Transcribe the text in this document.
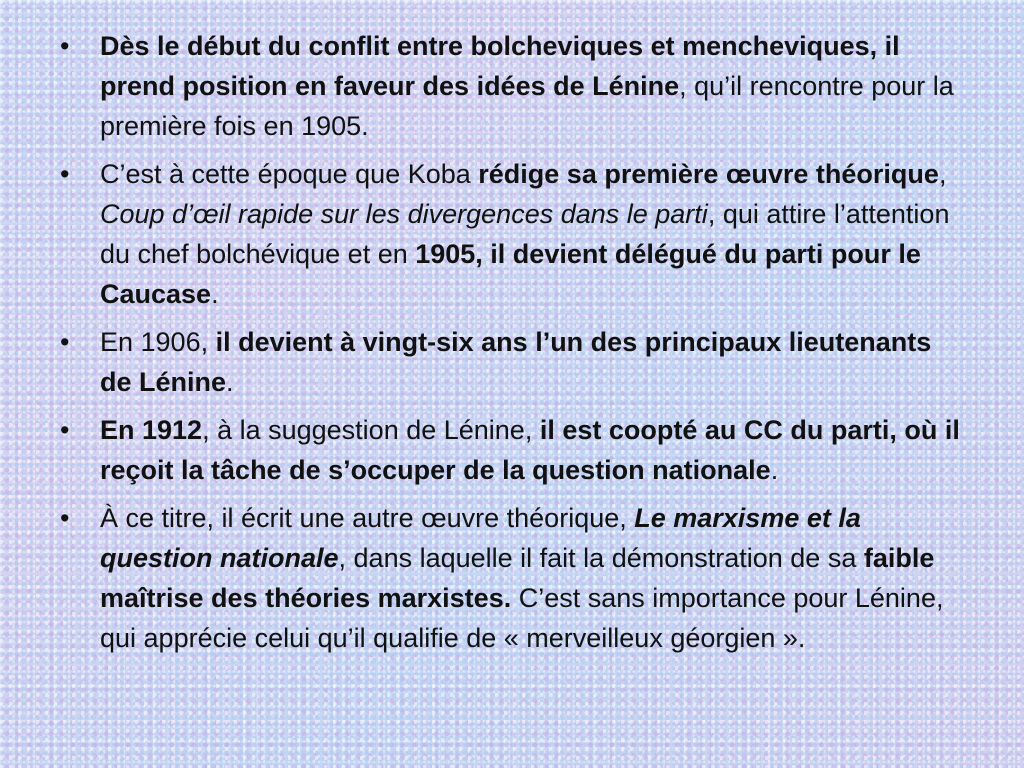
• Dès le début du conflit entre bolcheviques et mencheviques, il prend position en faveur des idées de Lénine, qu’il rencontre pour la première fois en 1905.
• C’est à cette époque que Koba rédige sa première œuvre théorique, Coup d’œil rapide sur les divergences dans le parti, qui attire l’attention du chef bolchévique et en 1905, il devient délégué du parti pour le Caucase.
• En 1906, il devient à vingt-six ans l’un des principaux lieutenants de Lénine.
• En 1912, à la suggestion de Lénine, il est coopté au CC du parti, où il reçoit la tâche de s’occuper de la question nationale.
• À ce titre, il écrit une autre œuvre théorique, Le marxisme et la question nationale, dans laquelle il fait la démonstration de sa faible maîtrise des théories marxistes. C’est sans importance pour Lénine, qui apprécie celui qu’il qualifie de « merveilleux géorgien ».
